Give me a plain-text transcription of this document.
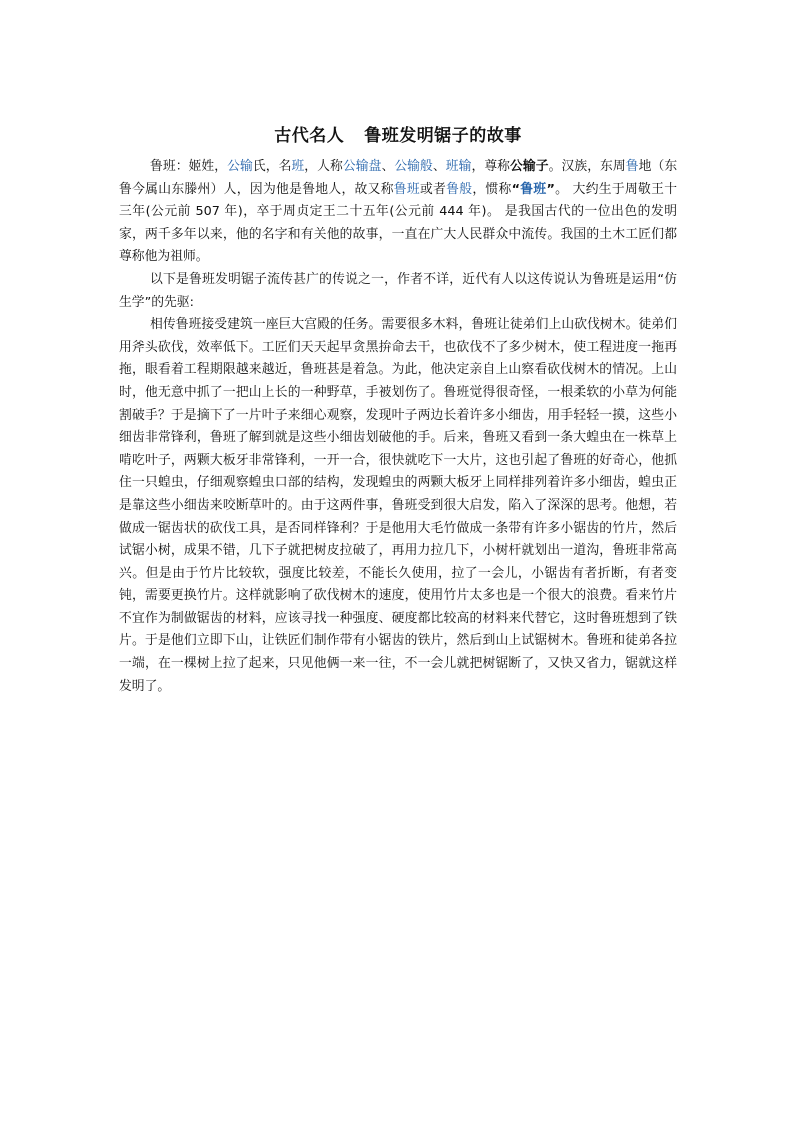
古代名人 鲁班发明锯子的故事

鲁班：姬姓，公输氏，名班，人称公输盘、公输般、班输，尊称公输子。汉族，东周鲁地（东鲁今属山东滕州）人，因为他是鲁地人，故又称鲁班或者鲁般，惯称“鲁班”。 大约生于周敬王十三年(公元前 507 年)，卒于周贞定王二十五年(公元前 444 年)。 是我国古代的一位出色的发明家，两千多年以来，他的名字和有关他的故事，一直在广大人民群众中流传。我国的土木工匠们都尊称他为祖师。

以下是鲁班发明锯子流传甚广的传说之一，作者不详，近代有人以这传说认为鲁班是运用“仿生学”的先驱:

相传鲁班接受建筑一座巨大宫殿的任务。需要很多木料，鲁班让徒弟们上山砍伐树木。徒弟们用斧头砍伐，效率低下。工匠们天天起早贪黑拚命去干，也砍伐不了多少树木，使工程进度一拖再拖，眼看着工程期限越来越近，鲁班甚是着急。为此，他决定亲自上山察看砍伐树木的情况。上山时，他无意中抓了一把山上长的一种野草，手被划伤了。鲁班觉得很奇怪，一根柔软的小草为何能割破手？于是摘下了一片叶子来细心观察，发现叶子两边长着许多小细齿，用手轻轻一摸，这些小细齿非常锋利，鲁班了解到就是这些小细齿划破他的手。后来，鲁班又看到一条大蝗虫在一株草上啃吃叶子，两颗大板牙非常锋利，一开一合，很快就吃下一大片，这也引起了鲁班的好奇心，他抓住一只蝗虫，仔细观察蝗虫口部的结构，发现蝗虫的两颗大板牙上同样排列着许多小细齿，蝗虫正是靠这些小细齿来咬断草叶的。由于这两件事，鲁班受到很大启发，陷入了深深的思考。他想，若做成一锯齿状的砍伐工具，是否同样锋利？于是他用大毛竹做成一条带有许多小锯齿的竹片，然后试锯小树，成果不错，几下子就把树皮拉破了，再用力拉几下，小树杆就划出一道沟，鲁班非常高兴。但是由于竹片比较软，强度比较差，不能长久使用，拉了一会儿，小锯齿有者折断，有者变钝，需要更换竹片。这样就影响了砍伐树木的速度，使用竹片太多也是一个很大的浪费。看来竹片不宜作为制做锯齿的材料，应该寻找一种强度、硬度都比较高的材料来代替它，这时鲁班想到了铁片。于是他们立即下山，让铁匠们制作带有小锯齿的铁片，然后到山上试锯树木。鲁班和徒弟各拉一端，在一棵树上拉了起来，只见他俩一来一往，不一会儿就把树锯断了，又快又省力，锯就这样发明了。
